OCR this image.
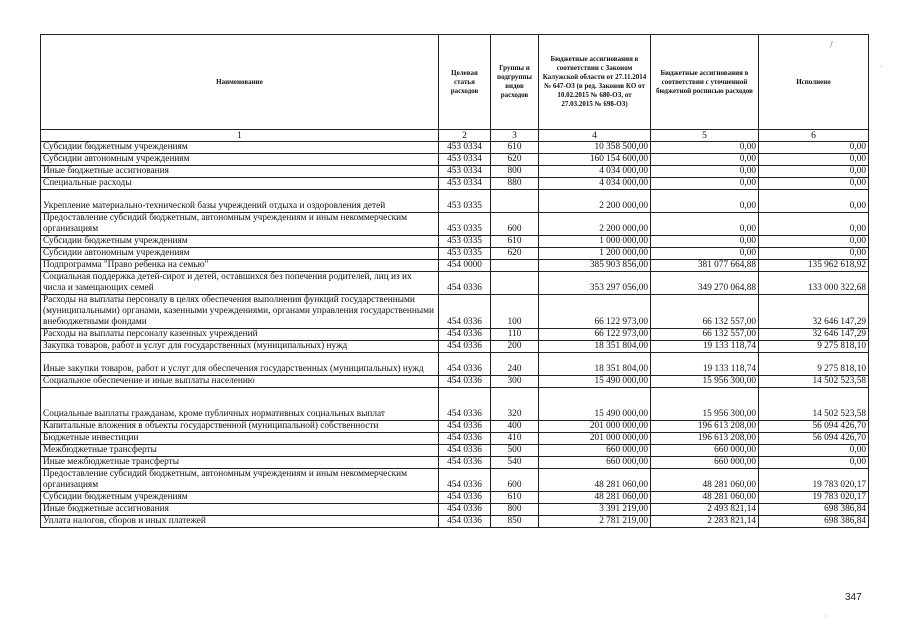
Наименование	Целевая статья расходов	Группы и подгруппы видов расходов	Бюджетные ассигнования в соответствии с Законом Калужской области от 27.11.2014 № 647-ОЗ (в ред. Законов КО от 10.02.2015 № 680-ОЗ, от 27.03.2015 № 698-ОЗ)	Бюджетные ассигнования в соответствии с уточненной бюджетной росписью расходов	Исполнено
1	2	3	4	5	6
Субсидии бюджетным учреждениям	453 0334	610	10 358 500,00	0,00	0,00
Субсидии автономным учреждениям	453 0334	620	160 154 600,00	0,00	0,00
Иные бюджетные ассигнования	453 0334	800	4 034 000,00	0,00	0,00
Специальные расходы	453 0334	880	4 034 000,00	0,00	0,00
Укрепление материально-технической базы учреждений отдыха и оздоровления детей	453 0335		2 200 000,00	0,00	0,00
Предоставление субсидий бюджетным, автономным учреждениям и иным некоммерческим организациям	453 0335	600	2 200 000,00	0,00	0,00
Субсидии бюджетным учреждениям	453 0335	610	1 000 000,00	0,00	0,00
Субсидии автономным учреждениям	453 0335	620	1 200 000,00	0,00	0,00
Подпрограмма "Право ребенка на семью"	454 0000		385 903 856,00	381 077 664,88	135 962 618,92
Социальная поддержка детей-сирот и детей, оставшихся без попечения родителей, лиц из их числа и замещающих семей	454 0336		353 297 056,00	349 270 064,88	133 000 322,68
Расходы на выплаты персоналу в целях обеспечения выполнения функций государственными (муниципальными) органами, казенными учреждениями, органами управления государственными внебюджетными фондами	454 0336	100	66 122 973,00	66 132 557,00	32 646 147,29
Расходы на выплаты персоналу казенных учреждений	454 0336	110	66 122 973,00	66 132 557,00	32 646 147,29
Закупка товаров, работ и услуг для государственных (муниципальных) нужд	454 0336	200	18 351 804,00	19 133 118,74	9 275 818,10
Иные закупки товаров, работ и услуг для обеспечения государственных (муниципальных) нужд	454 0336	240	18 351 804,00	19 133 118,74	9 275 818,10
Социальное обеспечение и иные выплаты населению	454 0336	300	15 490 000,00	15 956 300,00	14 502 523,58
Социальные выплаты гражданам, кроме публичных нормативных социальных выплат	454 0336	320	15 490 000,00	15 956 300,00	14 502 523,58
Капитальные вложения в объекты государственной (муниципальной) собственности	454 0336	400	201 000 000,00	196 613 208,00	56 094 426,70
Бюджетные инвестиции	454 0336	410	201 000 000,00	196 613 208,00	56 094 426,70
Межбюджетные трансферты	454 0336	500	660 000,00	660 000,00	0,00
Иные межбюджетные трансферты	454 0336	540	660 000,00	660 000,00	0,00
Предоставление субсидий бюджетным, автономным учреждениям и иным некоммерческим организациям	454 0336	600	48 281 060,00	48 281 060,00	19 783 020,17
Субсидии бюджетным учреждениям	454 0336	610	48 281 060,00	48 281 060,00	19 783 020,17
Иные бюджетные ассигнования	454 0336	800	3 391 219,00	2 493 821,14	698 386,84
Уплата налогов, сборов и иных платежей	454 0336	850	2 781 219,00	2 283 821,14	698 386,84
347
/
·
·
